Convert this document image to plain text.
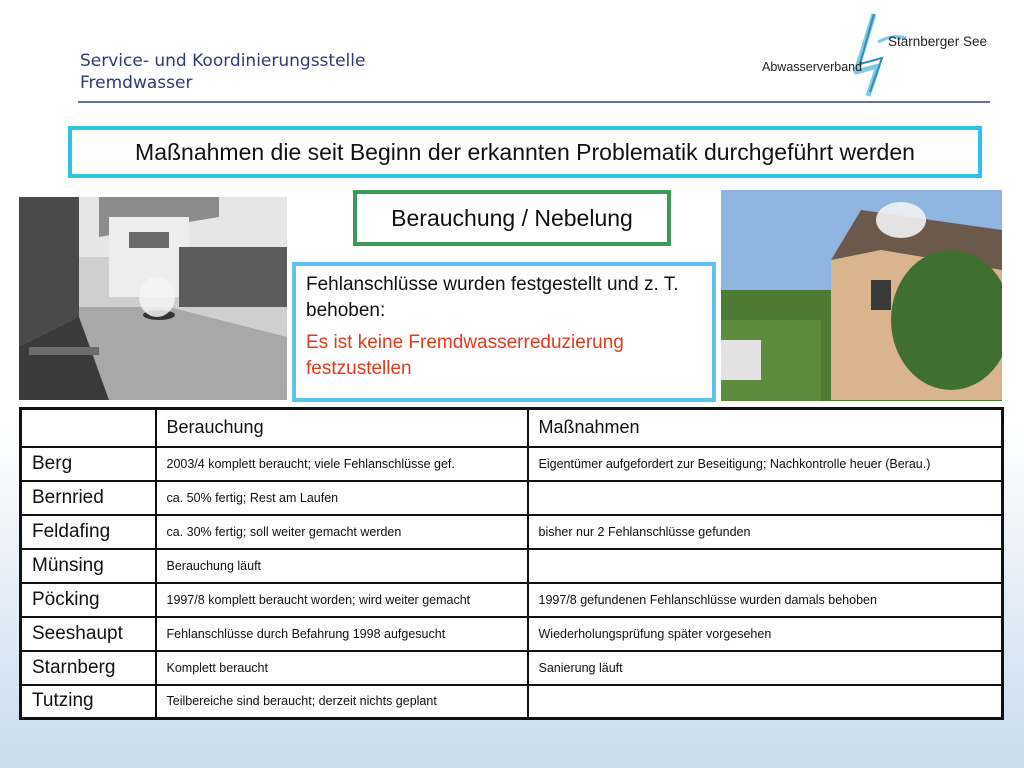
Service- und Koordinierungsstelle
Fremdwasser
Starnberger See
Abwasserverband
Maßnahmen die seit Beginn der erkannten Problematik durchgeführt werden
Berauchung / Nebelung
Fehlanschlüsse wurden festgestellt und z. T. behoben:
Es ist keine Fremdwasserreduzierung festzustellen
	Berauchung	Maßnahmen
Berg	2003/4 komplett beraucht; viele Fehlanschlüsse gef.	Eigentümer aufgefordert zur Beseitigung; Nachkontrolle heuer (Berau.)
Bernried	ca. 50% fertig; Rest am Laufen	
Feldafing	ca. 30% fertig; soll weiter gemacht werden	bisher nur 2 Fehlanschlüsse gefunden
Münsing	Berauchung läuft	
Pöcking	1997/8 komplett beraucht worden; wird weiter gemacht	1997/8 gefundenen Fehlanschlüsse wurden damals behoben
Seeshaupt	Fehlanschlüsse durch Befahrung 1998 aufgesucht	Wiederholungsprüfung später vorgesehen
Starnberg	Komplett beraucht	Sanierung läuft
Tutzing	Teilbereiche sind beraucht; derzeit nichts geplant	
